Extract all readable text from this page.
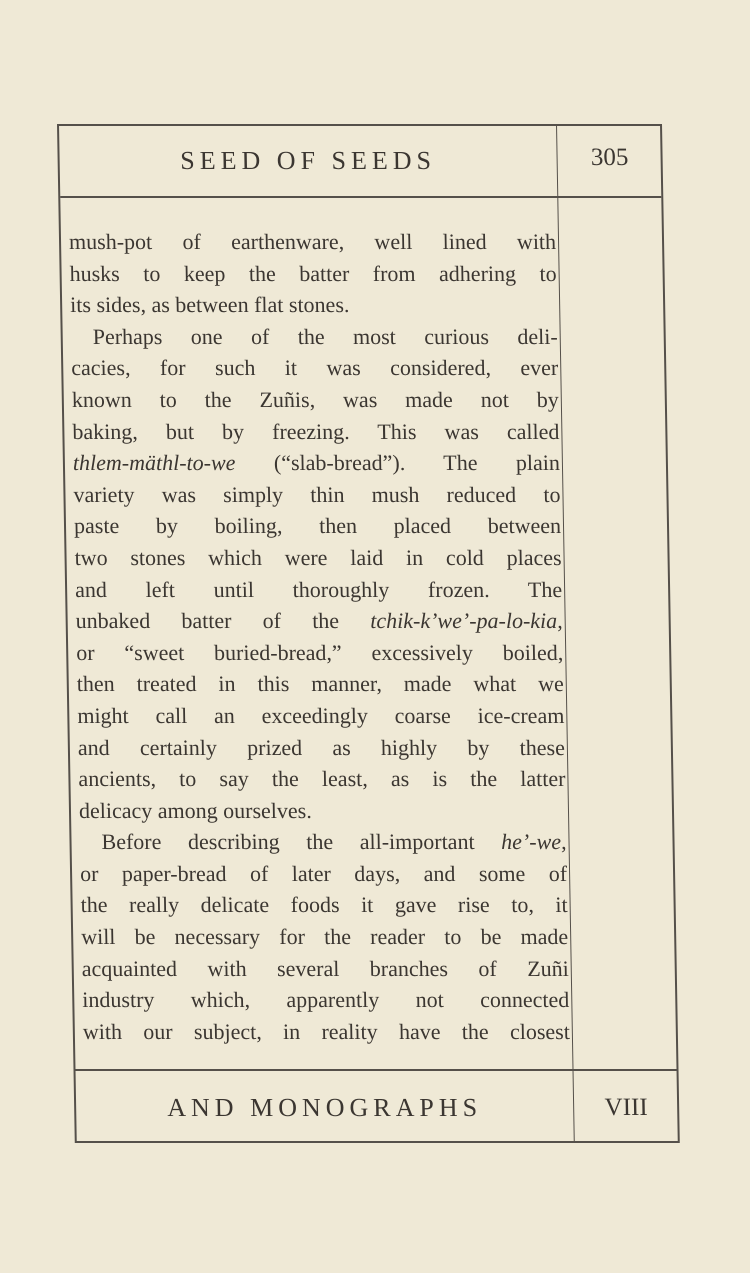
SEED OF SEEDS	305
mush-pot of earthenware, well lined with
husks to keep the batter from adhering to
its sides, as between flat stones.
Perhaps one of the most curious deli-
cacies, for such it was considered, ever
known to the Zuñis, was made not by
baking, but by freezing. This was called
thlem-mäthl-to-we (“slab-bread”). The plain
variety was simply thin mush reduced to
paste by boiling, then placed between
two stones which were laid in cold places
and left until thoroughly frozen. The
unbaked batter of the tchik-k’we’-pa-lo-kia,
or “sweet buried-bread,” excessively boiled,
then treated in this manner, made what we
might call an exceedingly coarse ice-cream
and certainly prized as highly by these
ancients, to say the least, as is the latter
delicacy among ourselves.
Before describing the all-important he’-we,
or paper-bread of later days, and some of
the really delicate foods it gave rise to, it
will be necessary for the reader to be made
acquainted with several branches of Zuñi
industry which, apparently not connected
with our subject, in reality have the closest
AND MONOGRAPHS	VIII
